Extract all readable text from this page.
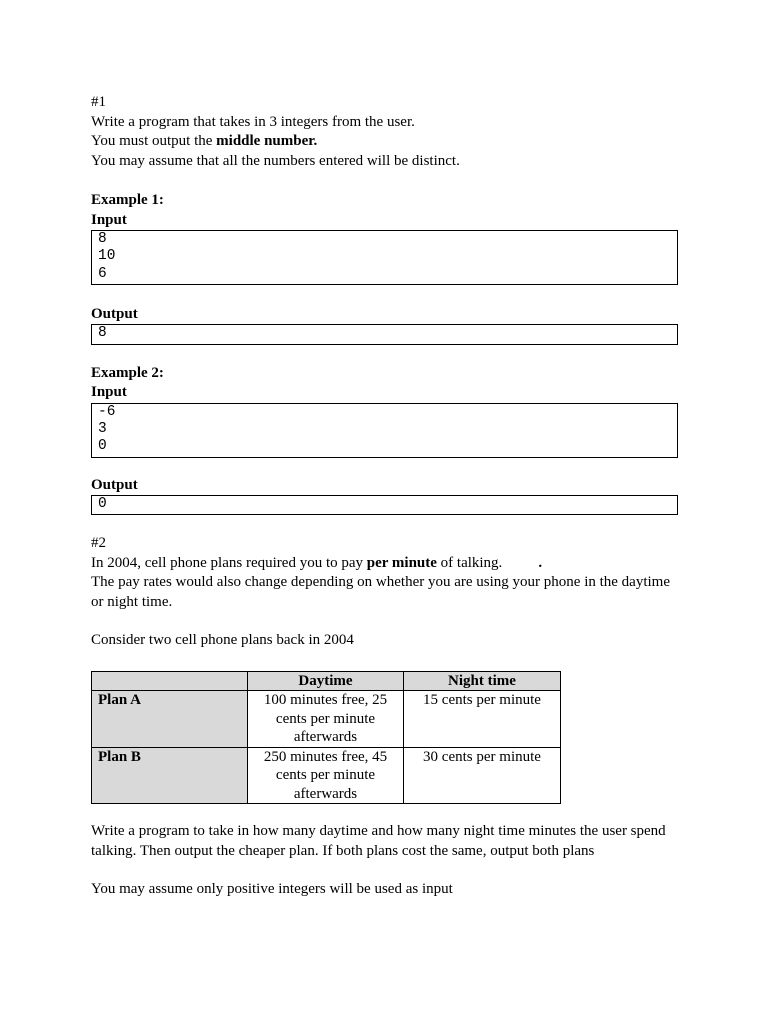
#1

Write a program that takes in 3 integers from the user.

You must output the middle number.

You may assume that all the numbers entered will be distinct.

Example 1:

Input

8
10
6

Output

8

Example 2:

Input

-6
3
0

Output

0

#2

In 2004, cell phone plans required you to pay per minute of talking. .

The pay rates would also change depending on whether you are using your phone in the daytime or night time.

Consider two cell phone plans back in 2004

	Daytime	Night time
Plan A	100 minutes free, 25 cents per minute afterwards	15 cents per minute
Plan B	250 minutes free, 45 cents per minute afterwards	30 cents per minute

Write a program to take in how many daytime and how many night time minutes the user spend talking. Then output the cheaper plan. If both plans cost the same, output both plans

You may assume only positive integers will be used as input
